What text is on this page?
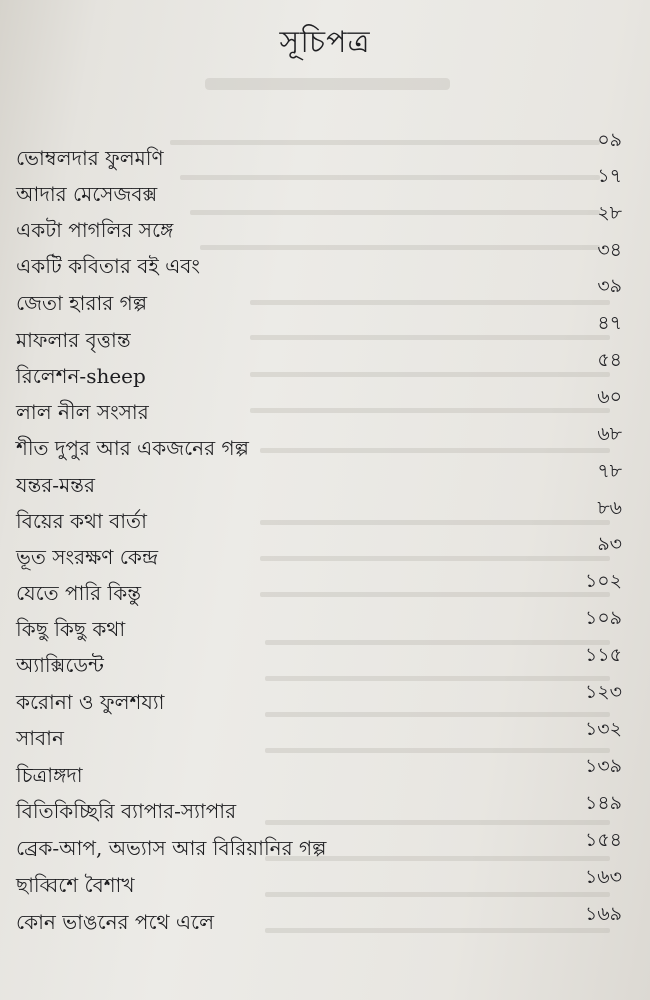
সূচিপত্র
০৯
ভোম্বলদার ফুলমণি
১৭
আদার মেসেজবক্স
২৮
একটা পাগলির সঙ্গে
৩৪
একটি কবিতার বই এবং
৩৯
জেতা হারার গল্প
৪৭
মাফলার বৃত্তান্ত
৫৪
রিলেশন-sheep
৬০
লাল নীল সংসার
৬৮
শীত দুপুর আর একজনের গল্প
৭৮
যন্তর-মন্তর
৮৬
বিয়ের কথা বার্তা
৯৩
ভূত সংরক্ষণ কেন্দ্র
১০২
যেতে পারি কিন্তু
১০৯
কিছু কিছু কথা
১১৫
অ্যাক্সিডেন্ট
১২৩
করোনা ও ফুলশয্যা
১৩২
সাবান
১৩৯
চিত্রাঙ্গদা
১৪৯
বিতিকিচ্ছিরি ব্যাপার-স্যাপার
১৫৪
ব্রেক-আপ, অভ্যাস আর বিরিয়ানির গল্প
১৬৩
ছাব্বিশে বৈশাখ
১৬৯
কোন ভাঙনের পথে এলে
